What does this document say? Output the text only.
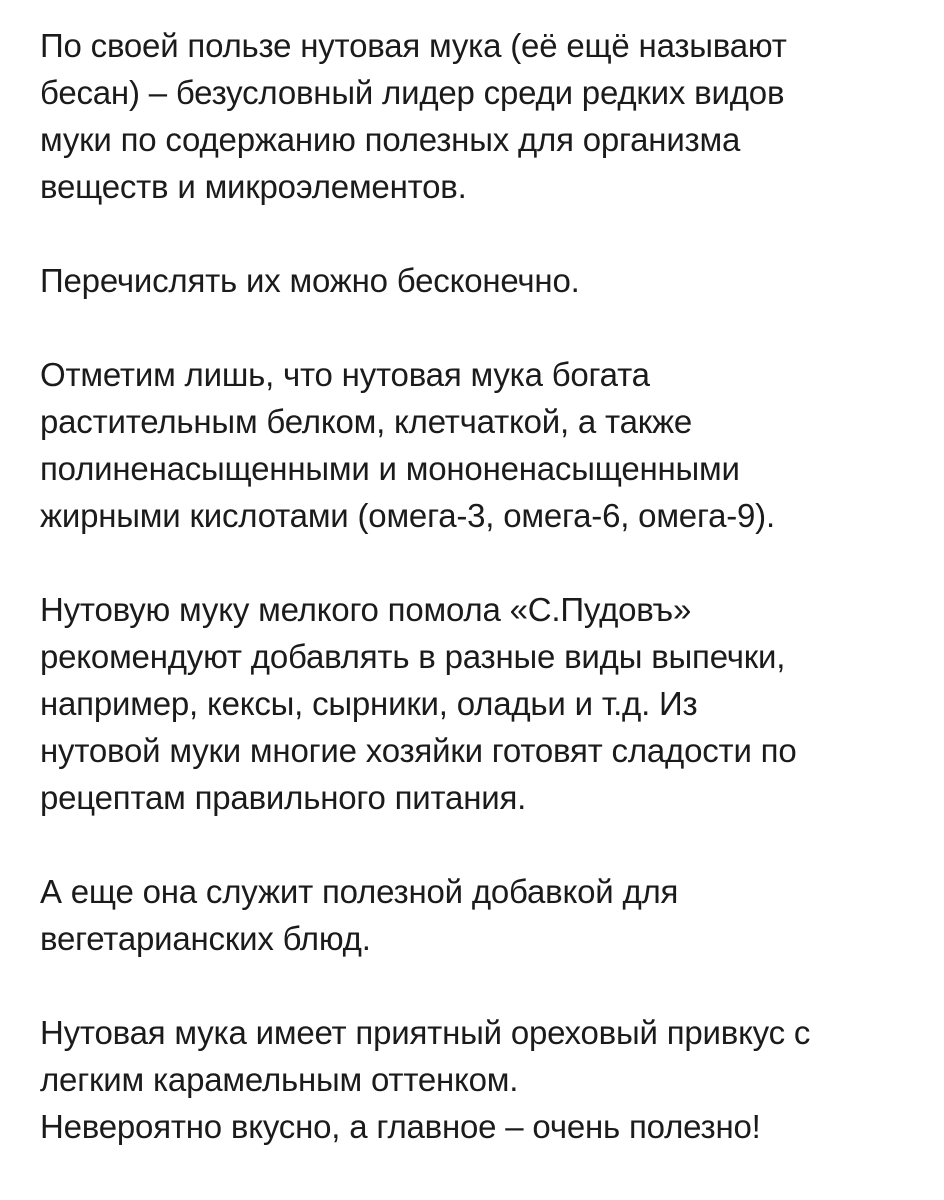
По своей пользе нутовая мука (её ещё называют
бесан) – безусловный лидер среди редких видов
муки по содержанию полезных для организма
веществ и микроэлементов.
Перечислять их можно бесконечно.
Отметим лишь, что нутовая мука богата
растительным белком, клетчаткой, а также
полиненасыщенными и мононенасыщенными
жирными кислотами (омега-3, омега-6, омега-9).
Нутовую муку мелкого помола «С.Пудовъ»
рекомендуют добавлять в разные виды выпечки,
например, кексы, сырники, оладьи и т.д. Из
нутовой муки многие хозяйки готовят сладости по
рецептам правильного питания.
А еще она служит полезной добавкой для
вегетарианских блюд.
Нутовая мука имеет приятный ореховый привкус с
легким карамельным оттенком.
Невероятно вкусно, а главное – очень полезно!
